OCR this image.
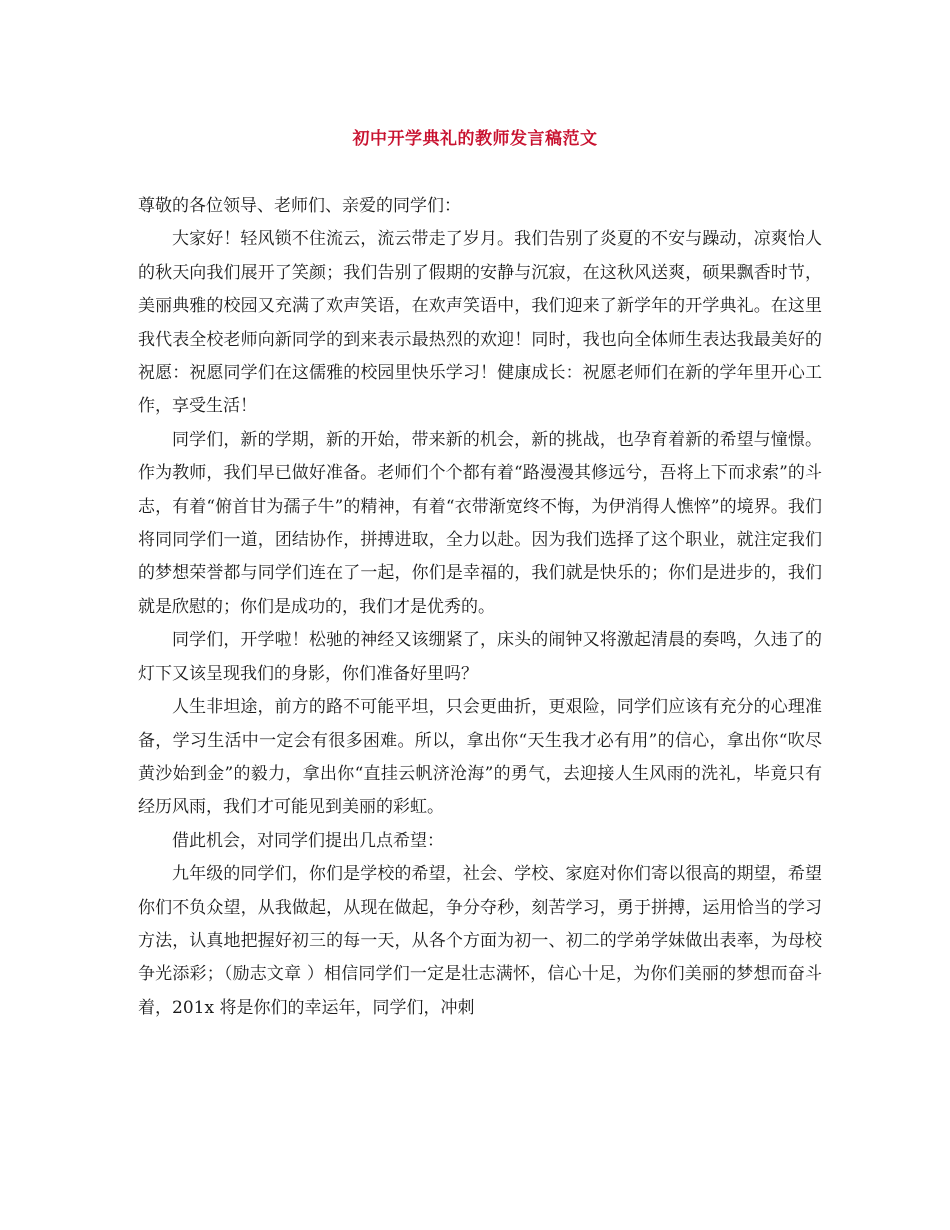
初中开学典礼的教师发言稿范文

尊敬的各位领导、老师们、亲爱的同学们：

大家好！轻风锁不住流云，流云带走了岁月。我们告别了炎夏的不安与躁动，凉爽怡人的秋天向我们展开了笑颜；我们告别了假期的安静与沉寂，在这秋风送爽，硕果飘香时节，美丽典雅的校园又充满了欢声笑语，在欢声笑语中，我们迎来了新学年的开学典礼。在这里我代表全校老师向新同学的到来表示最热烈的欢迎！同时，我也向全体师生表达我最美好的祝愿：祝愿同学们在这儒雅的校园里快乐学习！健康成长：祝愿老师们在新的学年里开心工作，享受生活！

同学们，新的学期，新的开始，带来新的机会，新的挑战，也孕育着新的希望与憧憬。作为教师，我们早已做好准备。老师们个个都有着“路漫漫其修远兮，吾将上下而求索”的斗志，有着“俯首甘为孺子牛”的精神，有着“衣带渐宽终不悔，为伊消得人憔悴”的境界。我们将同同学们一道，团结协作，拼搏进取，全力以赴。因为我们选择了这个职业，就注定我们的梦想荣誉都与同学们连在了一起，你们是幸福的，我们就是快乐的；你们是进步的，我们就是欣慰的；你们是成功的，我们才是优秀的。

同学们，开学啦！松驰的神经又该绷紧了，床头的闹钟又将激起清晨的奏鸣，久违了的灯下又该呈现我们的身影，你们准备好里吗？

人生非坦途，前方的路不可能平坦，只会更曲折，更艰险，同学们应该有充分的心理准备，学习生活中一定会有很多困难。所以，拿出你“天生我才必有用”的信心，拿出你“吹尽黄沙始到金”的毅力，拿出你“直挂云帆济沧海”的勇气，去迎接人生风雨的洗礼，毕竟只有经历风雨，我们才可能见到美丽的彩虹。

借此机会，对同学们提出几点希望：

九年级的同学们，你们是学校的希望，社会、学校、家庭对你们寄以很高的期望，希望你们不负众望，从我做起，从现在做起，争分夺秒，刻苦学习，勇于拼搏，运用恰当的学习方法，认真地把握好初三的每一天，从各个方面为初一、初二的学弟学妹做出表率，为母校争光添彩；（励志文章 ）相信同学们一定是壮志满怀，信心十足，为你们美丽的梦想而奋斗着，201x 将是你们的幸运年，同学们，冲刺
